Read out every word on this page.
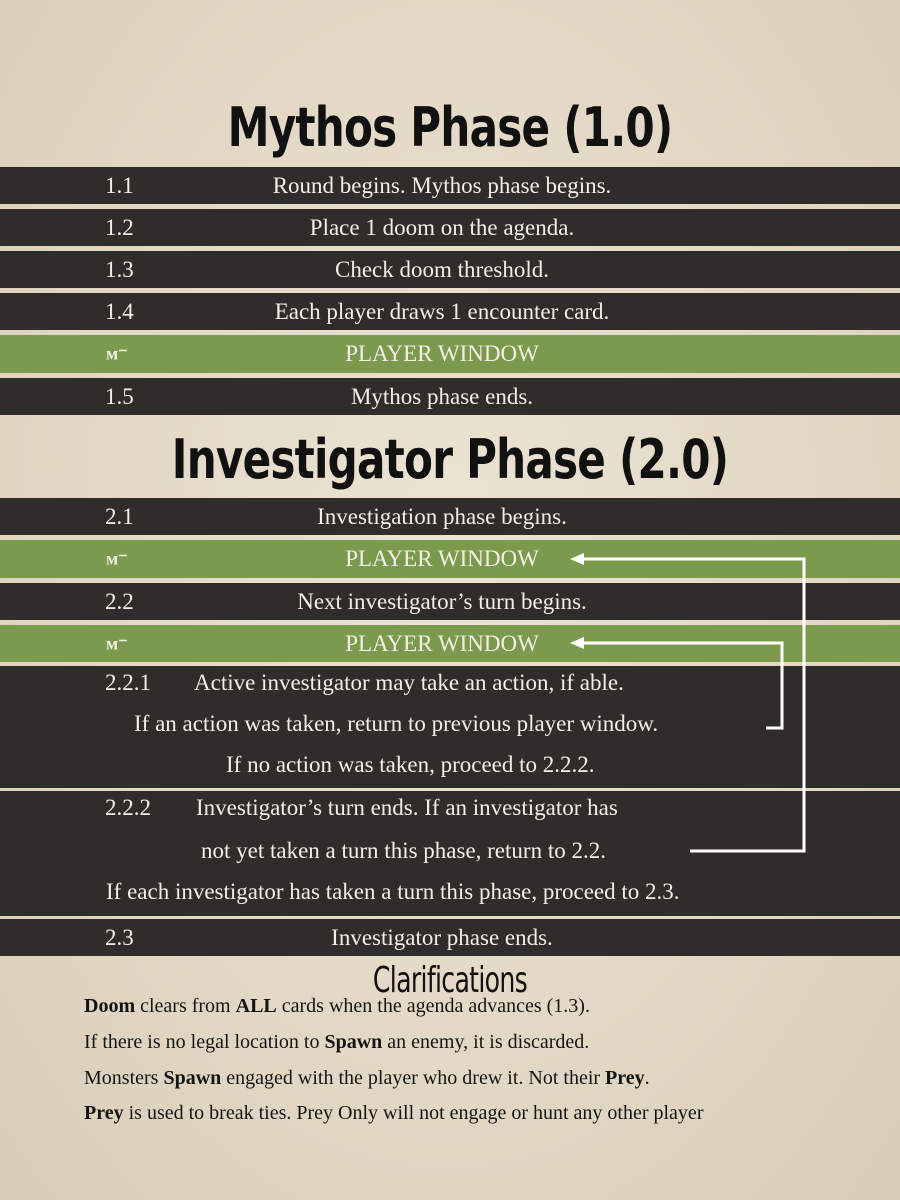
Mythos Phase (1.0)
1.1	Round begins. Mythos phase begins.
1.2	Place 1 doom on the agenda.
1.3	Check doom threshold.
1.4	Each player draws 1 encounter card.
ᴍ⁻	PLAYER WINDOW
1.5	Mythos phase ends.
Investigator Phase (2.0)
2.1	Investigation phase begins.
ᴍ⁻	PLAYER WINDOW
2.2	Next investigator’s turn begins.
ᴍ⁻	PLAYER WINDOW
2.2.1 Active investigator may take an action, if able.
If an action was taken, return to previous player window.
If no action was taken, proceed to 2.2.2.
2.2.2 Investigator’s turn ends. If an investigator has
not yet taken a turn this phase, return to 2.2.
If each investigator has taken a turn this phase, proceed to 2.3.
2.3	Investigator phase ends.
Clarifications
Doom clears from ALL cards when the agenda advances (1.3).
If there is no legal location to Spawn an enemy, it is discarded.
Monsters Spawn engaged with the player who drew it. Not their Prey.
Prey is used to break ties. Prey Only will not engage or hunt any other player
